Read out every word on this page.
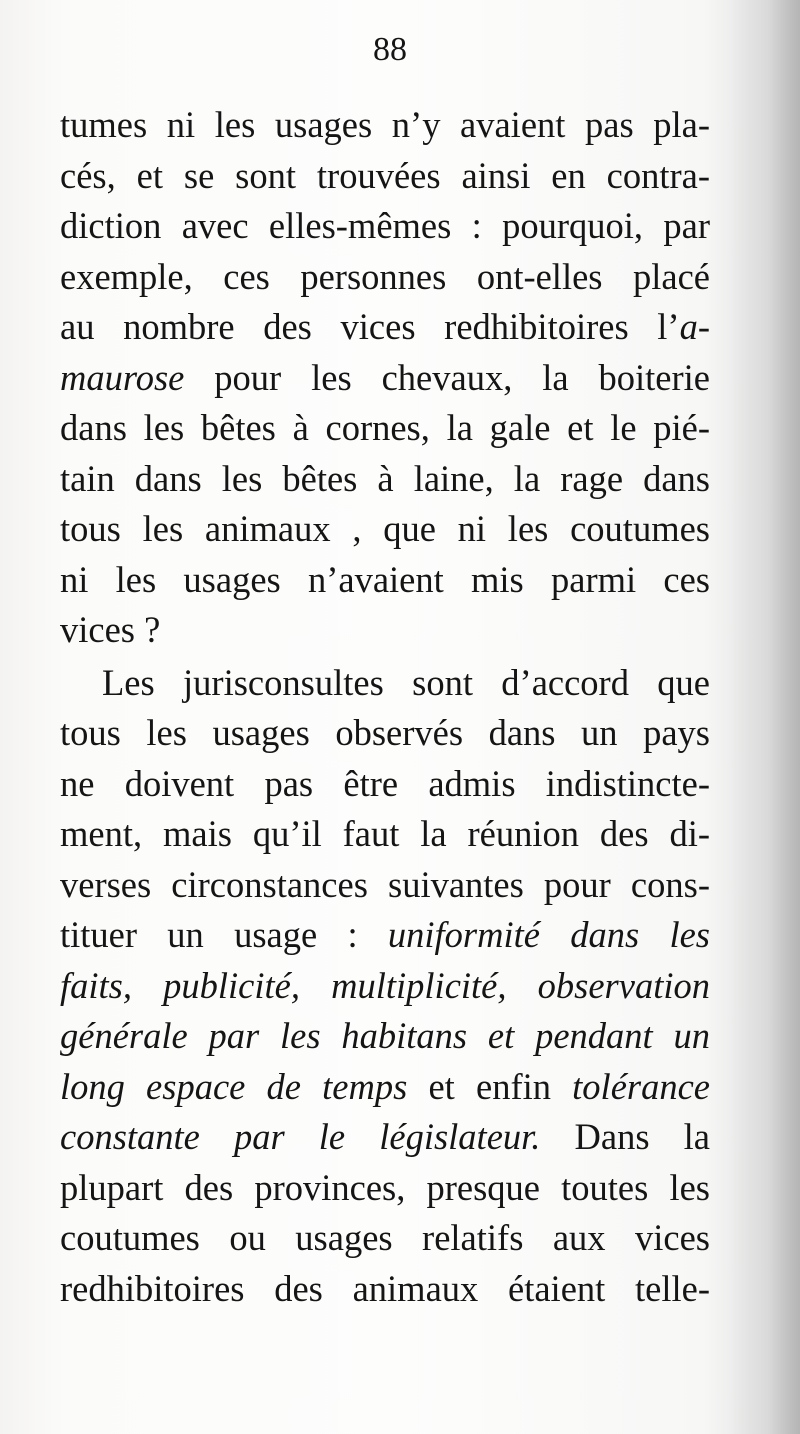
88
tumes ni les usages n’y avaient pas pla-
cés, et se sont trouvées ainsi en contra-
diction avec elles-mêmes : pourquoi, par
exemple, ces personnes ont-elles placé
au nombre des vices redhibitoires l’a-
maurose pour les chevaux, la boiterie
dans les bêtes à cornes, la gale et le pié-
tain dans les bêtes à laine, la rage dans
tous les animaux , que ni les coutumes
ni les usages n’avaient mis parmi ces
vices ?
Les jurisconsultes sont d’accord que
tous les usages observés dans un pays
ne doivent pas être admis indistincte-
ment, mais qu’il faut la réunion des di-
verses circonstances suivantes pour cons-
tituer un usage : uniformité dans les
faits, publicité, multiplicité, observation
générale par les habitans et pendant un
long espace de temps et enfin tolérance
constante par le législateur. Dans la
plupart des provinces, presque toutes les
coutumes ou usages relatifs aux vices
redhibitoires des animaux étaient telle-
